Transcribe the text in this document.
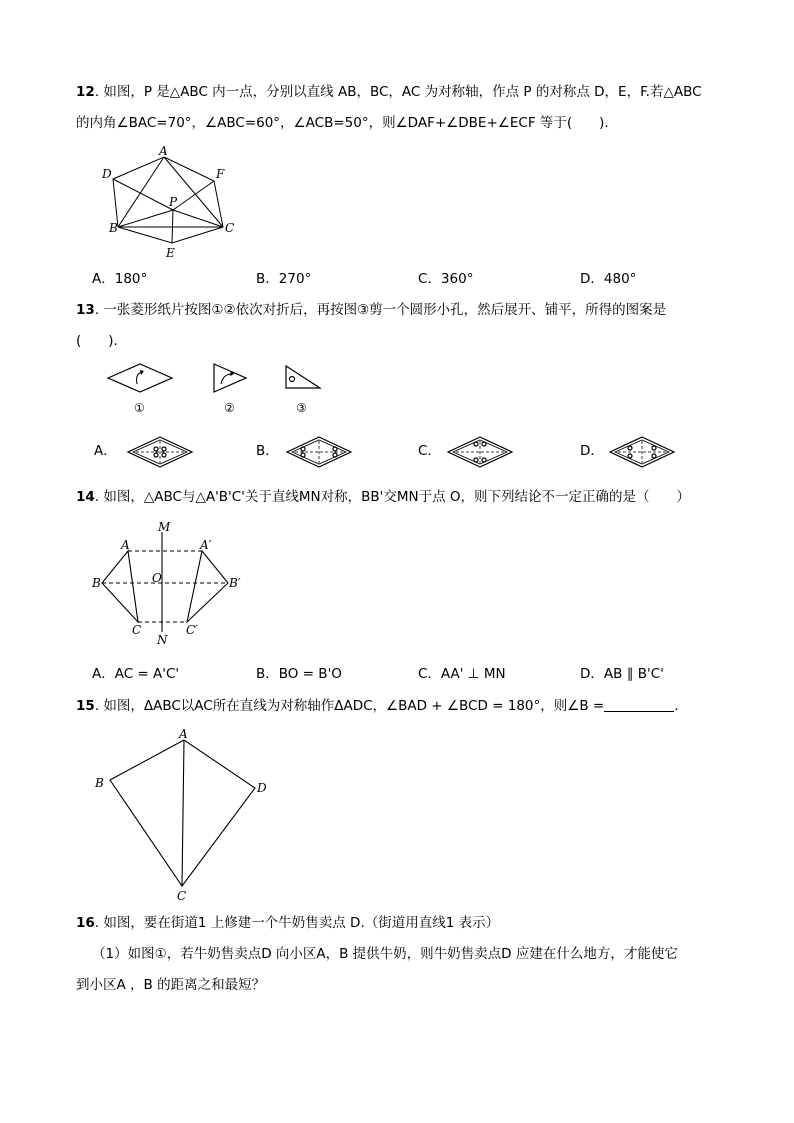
12. 如图，P 是△ABC 内一点，分别以直线 AB，BC，AC 为对称轴，作点 P 的对称点 D，E，F.若△ABC
的内角∠BAC=70°，∠ABC=60°，∠ACB=50°，则∠DAF+∠DBE+∠ECF 等于(　　).
A
D	F
P
B	C
E
A．180°	B．270°	C．360°	D．480°
13. 一张菱形纸片按图①②依次对折后，再按图③剪一个圆形小孔，然后展开、铺平，所得的图案是
(　　).
①	②	③
A．	B．	C．	D．
14. 如图，△ABC与△A'B'C'关于直线MN对称，BB'交MN于点 O，则下列结论不一定正确的是（　　）
M
N
O
A	A′
B	B′
C	C′
A．AC = A'C'	B．BO = B'O	C．AA' ⊥ MN	D．AB ∥ B'C'
15. 如图，ΔABC以AC所在直线为对称轴作ΔADC，∠BAD + ∠BCD = 180°，则∠B =	.
A
B
C
D
16. 如图，要在街道1 上修建一个牛奶售卖点 D.（街道用直线1 表示）
（1）如图①，若牛奶售卖点D 向小区A，B 提供牛奶，则牛奶售卖点D 应建在什么地方，才能使它
到小区A ，B 的距离之和最短？
